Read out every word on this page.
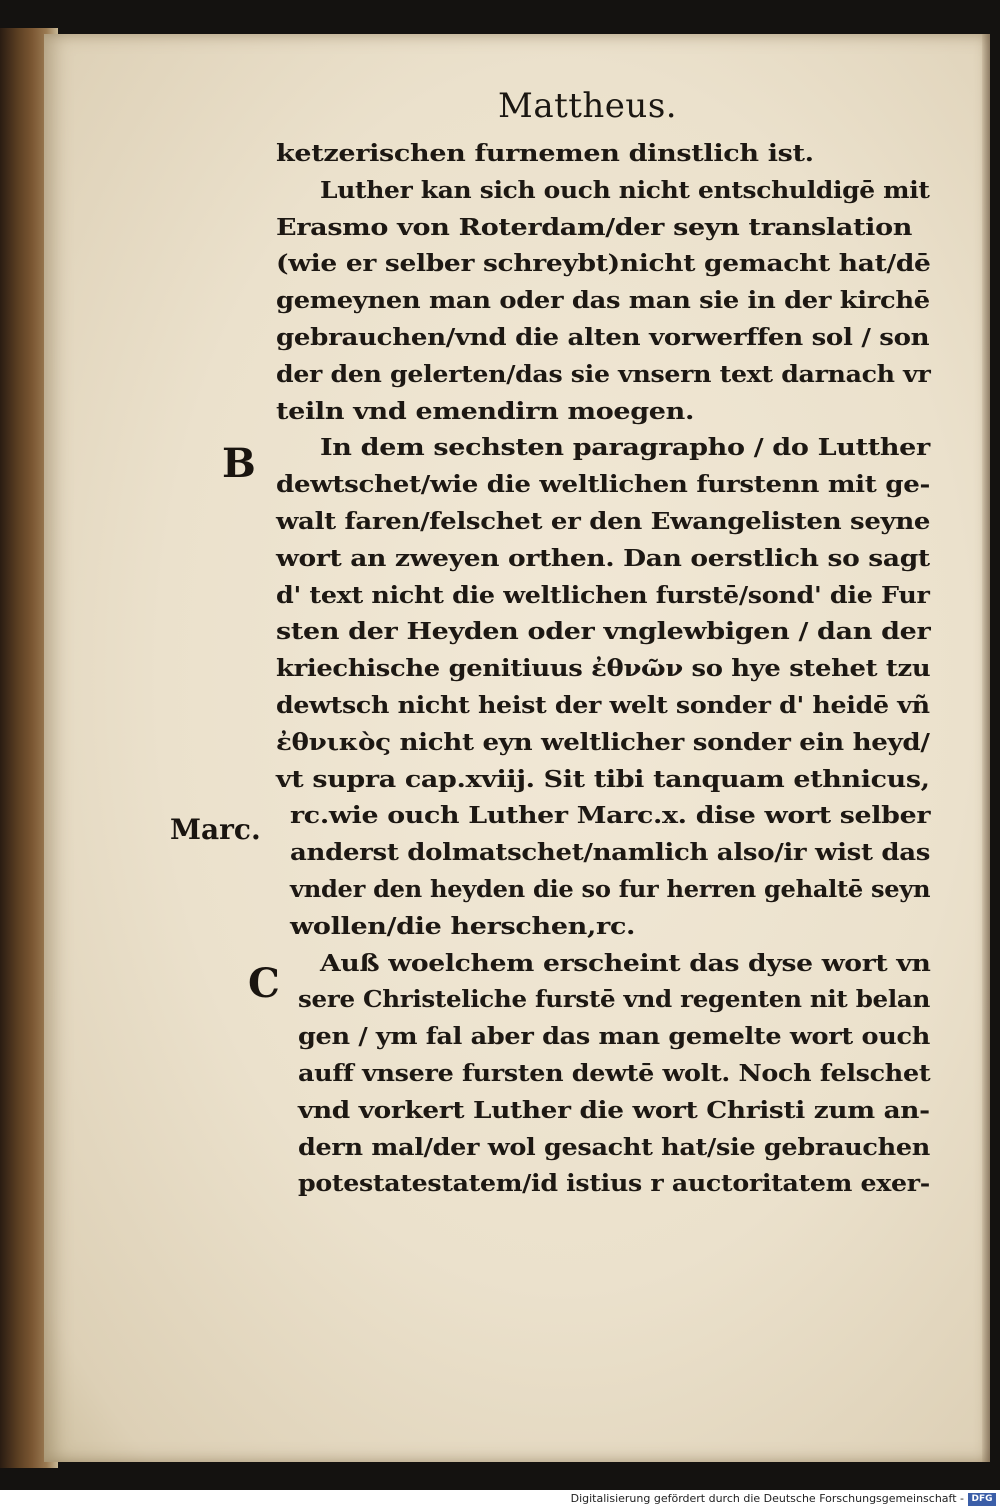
Mattheus.
B
Marc.
C
ketzerischen furnemen dinstlich ist.
Luther kan sich ouch nicht entschuldigē mit
Erasmo von Roterdam/der seyn translation
(wie er selber schreybt)nicht gemacht hat/dē
gemeynen man oder das man sie in der kirchē
gebrauchen/vnd die alten vorwerffen sol / son
der den gelerten/das sie vnsern text darnach vr
teiln vnd emendirn moegen.
In dem sechsten paragrapho / do Lutther
dewtschet/wie die weltlichen furstenn mit ge-
walt faren/felschet er den Ewangelisten seyne
wort an zweyen orthen. Dan oerstlich so sagt
d' text nicht die weltlichen furstē/sond' die Fur
sten der Heyden oder vnglewbigen / dan der
kriechische genitiuus ἐθνῶν so hye stehet tzu
dewtsch nicht heist der welt sonder d' heidē vñ
ἐθνικὸς nicht eyn weltlicher sonder ein heyd/
vt supra cap.xviij. Sit tibi tanquam ethnicus,
rc.wie ouch Luther Marc.x. dise wort selber
anderst dolmatschet/namlich also/ir wist das
vnder den heyden die so fur herren gehaltē seyn
wollen/die herschen,rc.
Auß woelchem erscheint das dyse wort vn
sere Christeliche furstē vnd regenten nit belan
gen / ym fal aber das man gemelte wort ouch
auff vnsere fursten dewtē wolt. Noch felschet
vnd vorkert Luther die wort Christi zum an-
dern mal/der wol gesacht hat/sie gebrauchen
potestatestatem/id istius r auctoritatem exer-
Digitalisierung gefördert durch die Deutsche Forschungsgemeinschaft - DFG
